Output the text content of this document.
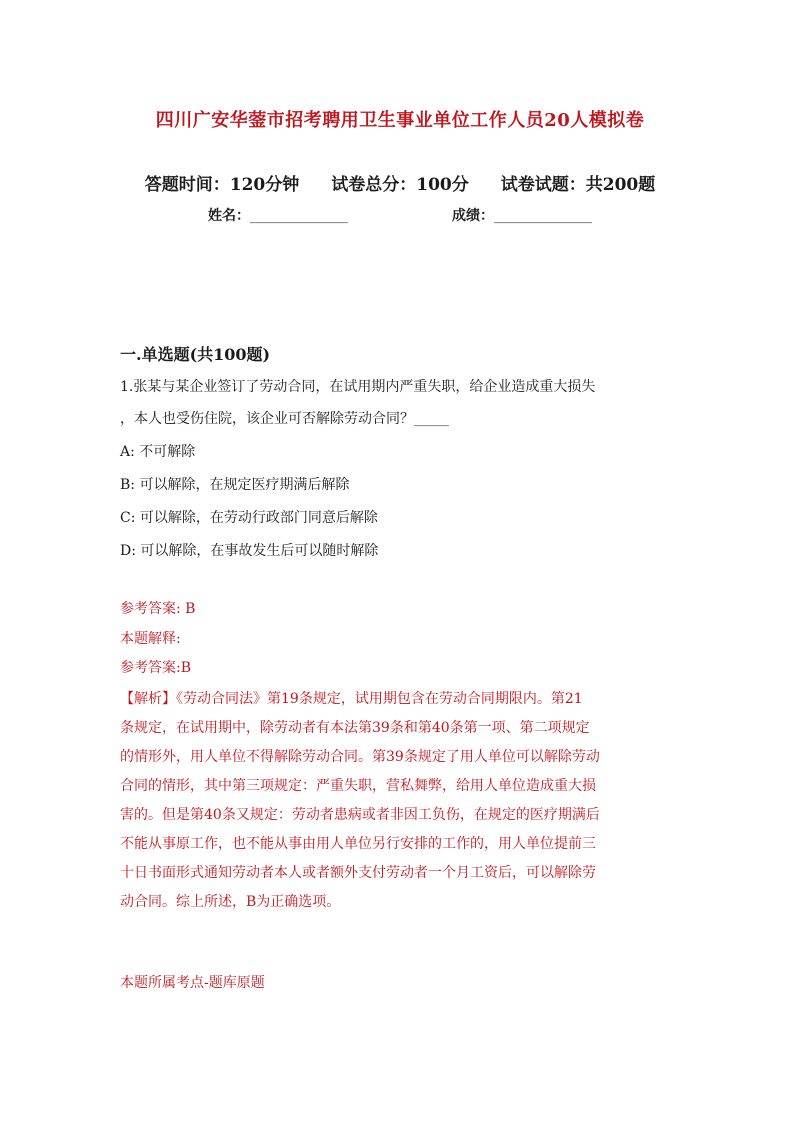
四川广安华蓥市招考聘用卫生事业单位工作人员20人模拟卷
答题时间：120分钟 试卷总分：100分 试卷试题：共200题
姓名：______________	成绩：______________
一.单选题(共100题)
1.张某与某企业签订了劳动合同，在试用期内严重失职，给企业造成重大损失
，本人也受伤住院，该企业可否解除劳动合同？_____
A: 不可解除
B: 可以解除，在规定医疗期满后解除
C: 可以解除，在劳动行政部门同意后解除
D: 可以解除，在事故发生后可以随时解除
参考答案: B
本题解释:
参考答案:B
【解析】《劳动合同法》第19条规定，试用期包含在劳动合同期限内。第21
条规定，在试用期中，除劳动者有本法第39条和第40条第一项、第二项规定
的情形外，用人单位不得解除劳动合同。第39条规定了用人单位可以解除劳动
合同的情形，其中第三项规定：严重失职，营私舞弊，给用人单位造成重大损
害的。但是第40条又规定：劳动者患病或者非因工负伤，在规定的医疗期满后
不能从事原工作，也不能从事由用人单位另行安排的工作的，用人单位提前三
十日书面形式通知劳动者本人或者额外支付劳动者一个月工资后，可以解除劳
动合同。综上所述，B为正确选项。
本题所属考点-题库原题
